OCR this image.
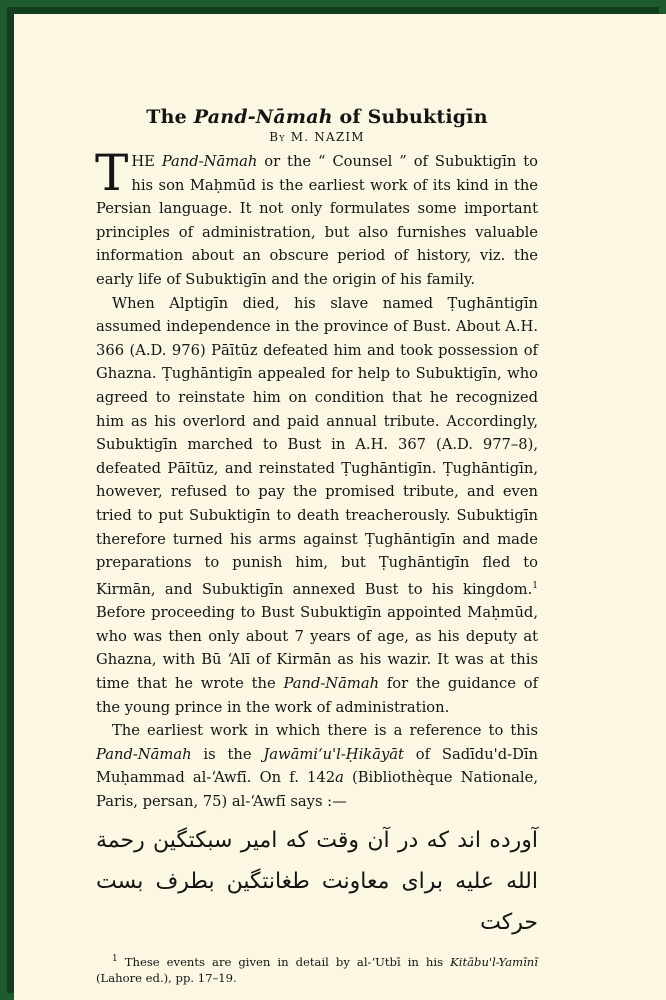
The Pand-Nāmah of Subuktigīn
By M. NAZIM

THE Pand-Nāmah or the “ Counsel ” of Subuktigīn to his son Maḥmūd is the earliest work of its kind in the Persian language. It not only formulates some important principles of administration, but also furnishes valuable information about an obscure period of history, viz. the early life of Subuktigīn and the origin of his family.

When Alptigīn died, his slave named Ṭughāntigīn assumed independence in the province of Bust. About A.H. 366 (A.D. 976) Pāītūz defeated him and took possession of Ghazna. Ṭughāntigīn appealed for help to Subuktigīn, who agreed to reinstate him on condition that he recognized him as his overlord and paid annual tribute. Accordingly, Subuktigīn marched to Bust in A.H. 367 (A.D. 977–8), defeated Pāītūz, and reinstated Ṭughāntigīn. Ṭughāntigīn, however, refused to pay the promised tribute, and even tried to put Subuktigīn to death treacherously. Subuktigīn therefore turned his arms against Ṭughāntigīn and made preparations to punish him, but Ṭughāntigīn fled to Kirmān, and Subuktigīn annexed Bust to his kingdom.$^1$ Before proceeding to Bust Subuktigīn appointed Maḥmūd, who was then only about 7 years of age, as his deputy at Ghazna, with Bū ‘Alī of Kirmān as his wazir. It was at this time that he wrote the Pand-Nāmah for the guidance of the young prince in the work of administration.

The earliest work in which there is a reference to this Pand-Nāmah is the Jawāmi‘u'l-Ḥikāyāt of Sadīdu'd-Dīn Muḥammad al-‘Awfī. On f. 142a (Bibliothèque Nationale, Paris, persan, 75) al-‘Awfī says :—

آورده اند که در آن وقت که امیر سبکتگین رحمة الله علیه برای معاونت طغانتگین بطرف بست حرکت
$^1$ These events are given in detail by al-‘Utbī in his Kitābu'l-Yamīnī (Lahore ed.), pp. 17–19.
